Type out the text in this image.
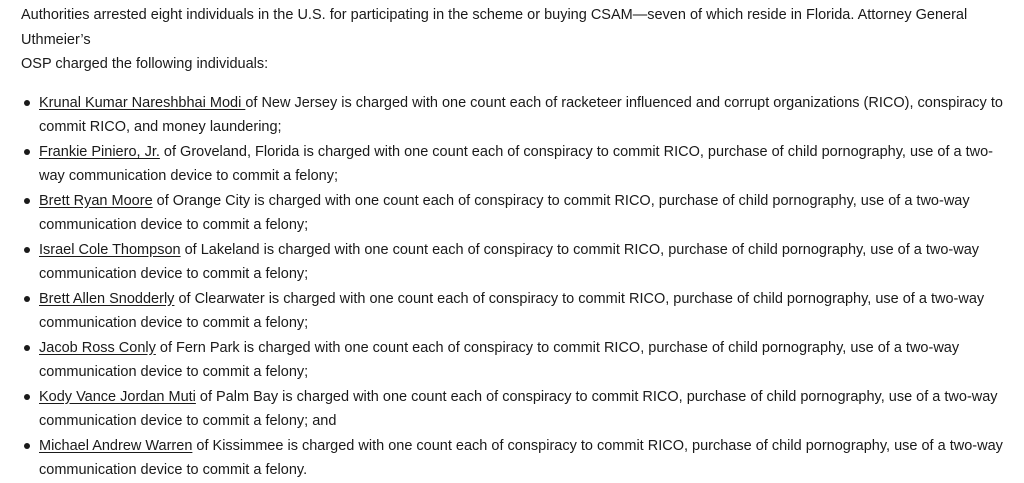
Authorities arrested eight individuals in the U.S. for participating in the scheme or buying CSAM—seven of which reside in Florida. Attorney General Uthmeier’s
OSP charged the following individuals:

Krunal Kumar Nareshbhai Modi of New Jersey is charged with one count each of racketeer influenced and corrupt organizations (RICO), conspiracy to commit RICO, and money laundering;
Frankie Piniero, Jr. of Groveland, Florida is charged with one count each of conspiracy to commit RICO, purchase of child pornography, use of a two-way communication device to commit a felony;
Brett Ryan Moore of Orange City is charged with one count each of conspiracy to commit RICO, purchase of child pornography, use of a two-way communication device to commit a felony;
Israel Cole Thompson of Lakeland is charged with one count each of conspiracy to commit RICO, purchase of child pornography, use of a two-way communication device to commit a felony;
Brett Allen Snodderly of Clearwater is charged with one count each of conspiracy to commit RICO, purchase of child pornography, use of a two-way communication device to commit a felony;
Jacob Ross Conly of Fern Park is charged with one count each of conspiracy to commit RICO, purchase of child pornography, use of a two-way communication device to commit a felony;
Kody Vance Jordan Muti of Palm Bay is charged with one count each of conspiracy to commit RICO, purchase of child pornography, use of a two-way communication device to commit a felony; and
Michael Andrew Warren of Kissimmee is charged with one count each of conspiracy to commit RICO, purchase of child pornography, use of a two-way communication device to commit a felony.
